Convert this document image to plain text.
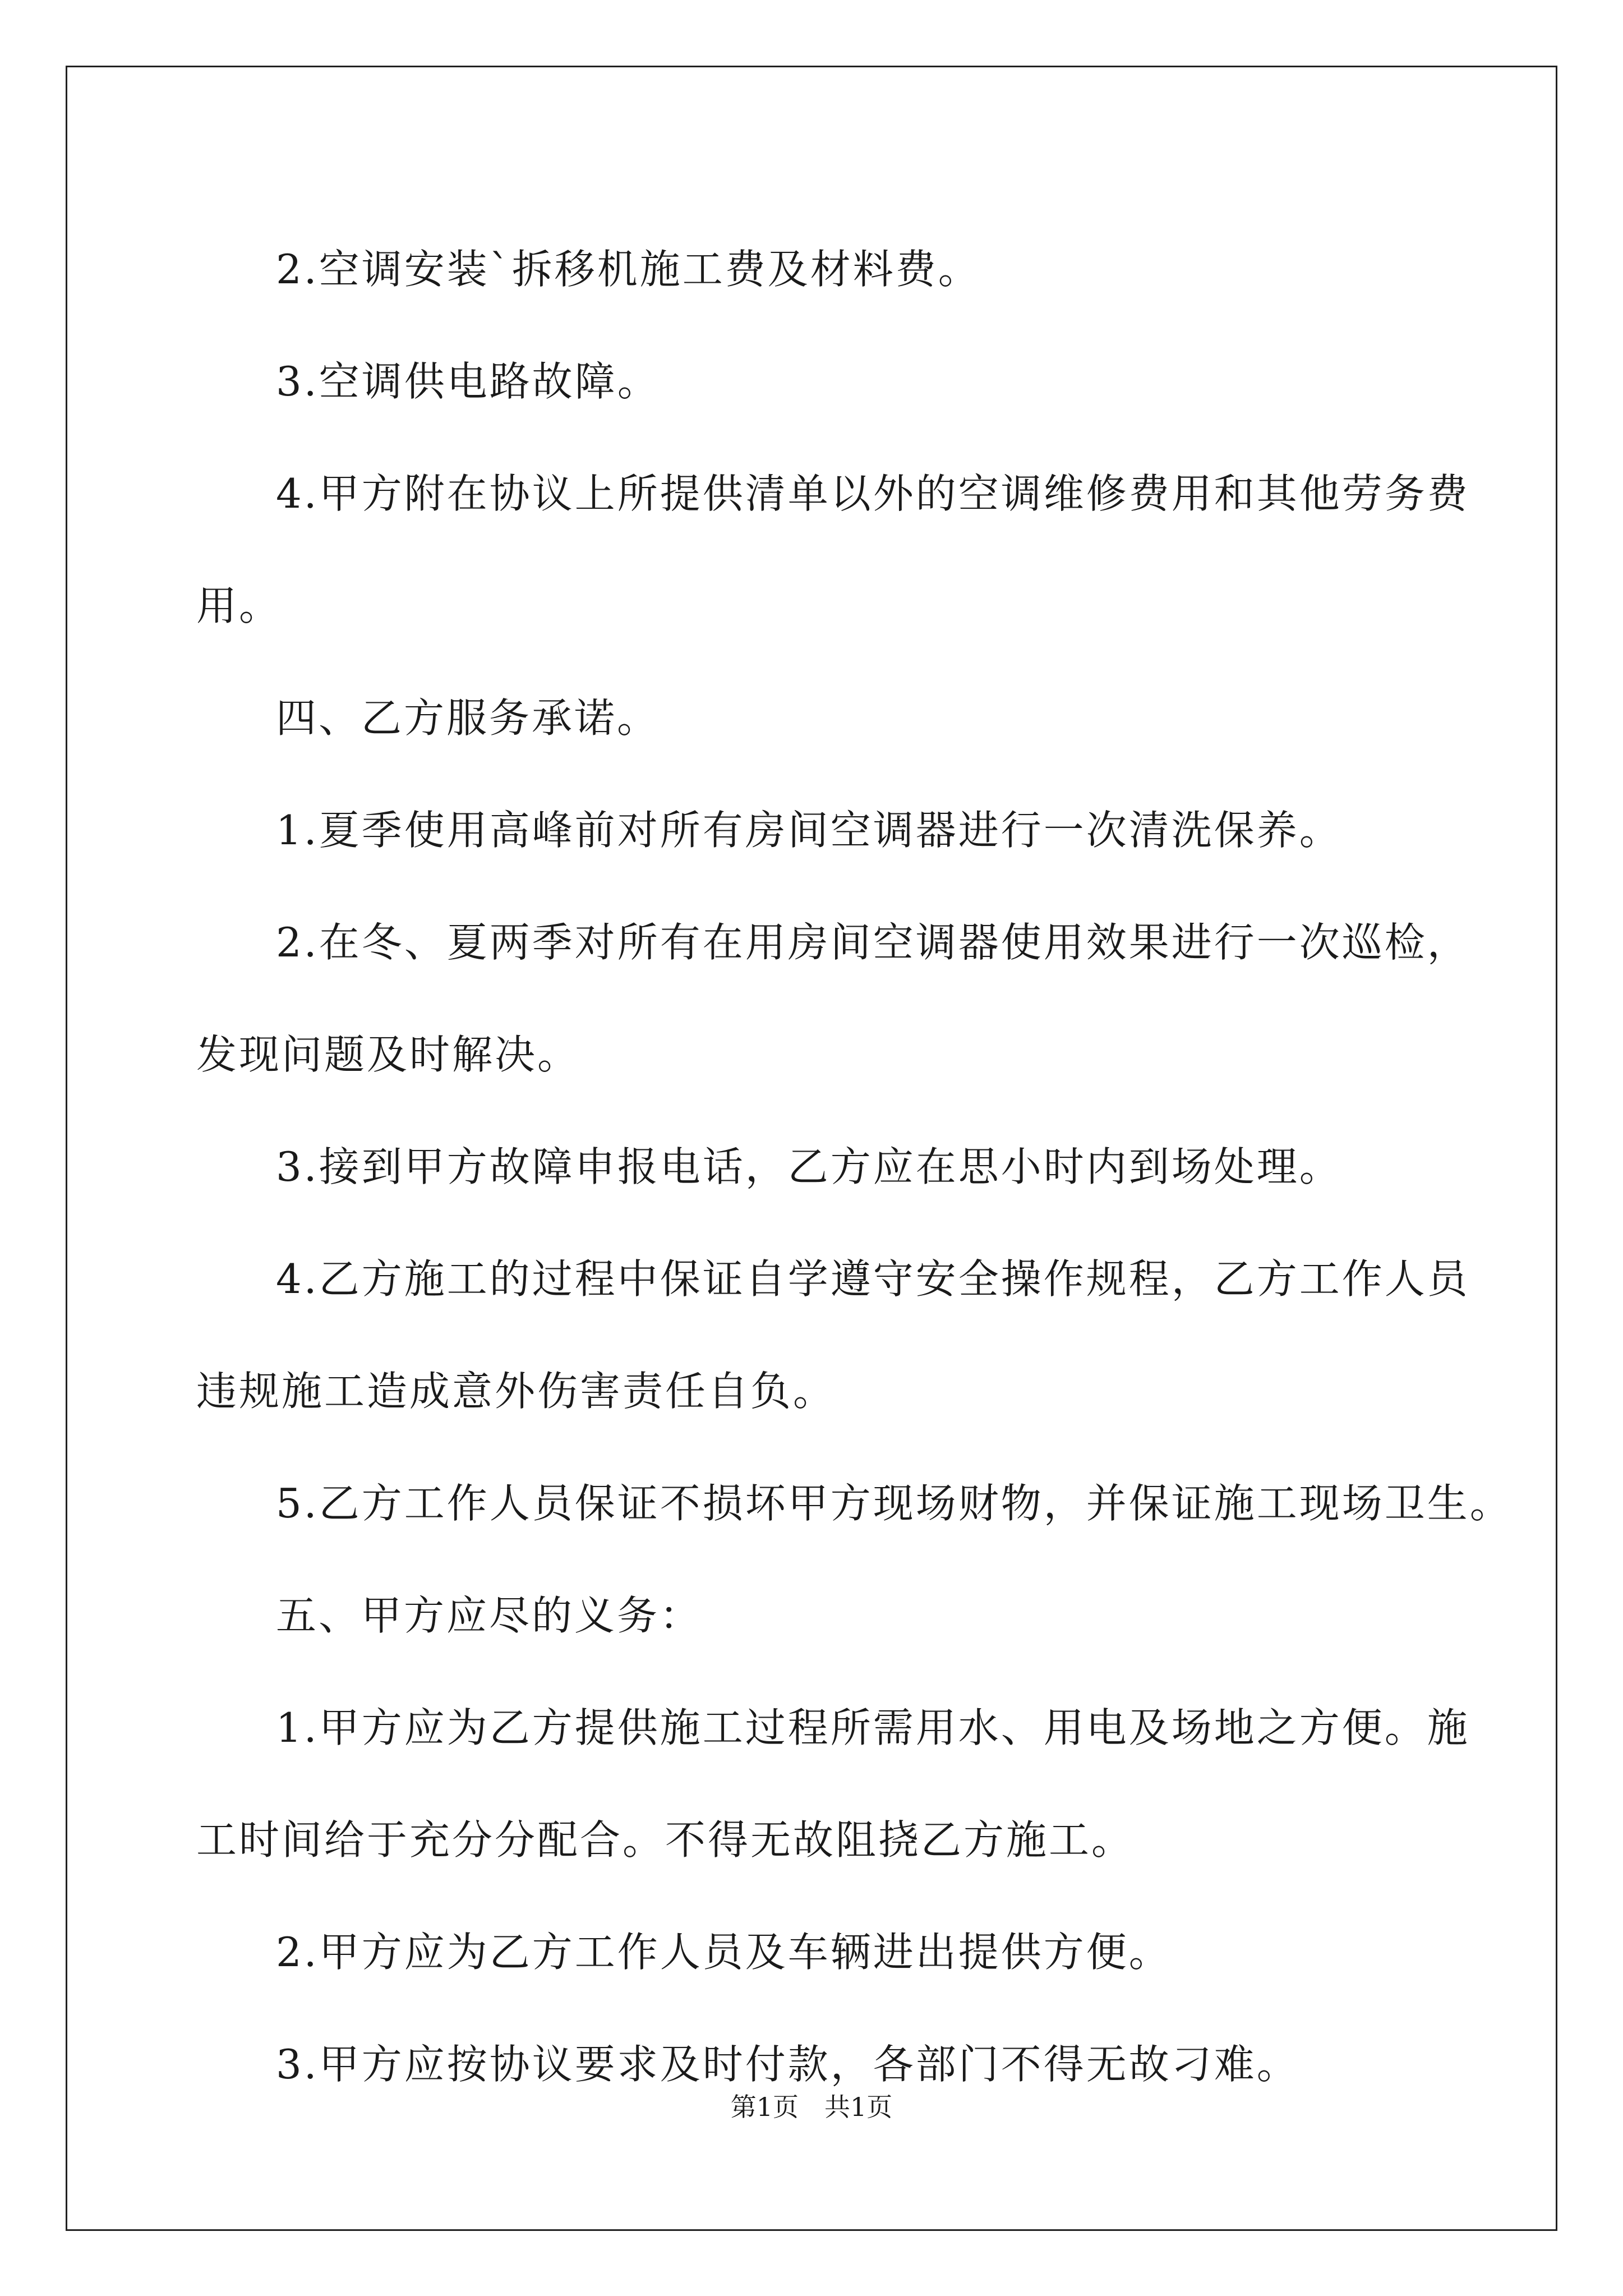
2.空调安装`拆移机施工费及材料费。

3.空调供电路故障。

4.甲方附在协议上所提供清单以外的空调维修费用和其他劳务费

用。

四、乙方服务承诺。

1.夏季使用高峰前对所有房间空调器进行一次清洗保养。

2.在冬、夏两季对所有在用房间空调器使用效果进行一次巡检，

发现问题及时解决。

3.接到甲方故障申报电话，乙方应在思小时内到场处理。

4.乙方施工的过程中保证自学遵守安全操作规程，乙方工作人员

违规施工造成意外伤害责任自负。

5.乙方工作人员保证不损坏甲方现场财物，并保证施工现场卫生。

五、甲方应尽的义务：

1.甲方应为乙方提供施工过程所需用水、用电及场地之方便。施

工时间给于充分分配合。不得无故阻挠乙方施工。

2.甲方应为乙方工作人员及车辆进出提供方便。

3.甲方应按协议要求及时付款，各部门不得无故刁难。

第1页　共1页
